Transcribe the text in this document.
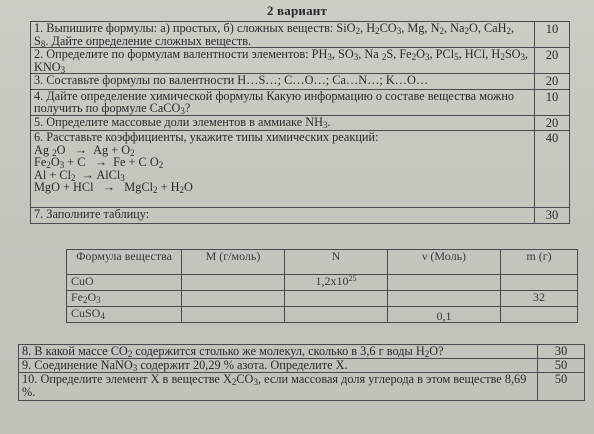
2 вариант
1. Выпишите формулы: а) простых, б) сложных веществ: SiO$_2$, $H_2CO_3$, Mg, $N_2$, $Na_2O$, CaH$_2$, $S_8$. Дайте определение сложных веществ.	10
2. Определите по формулам валентности элементов: $PH_3$, $SO_3$, Na $_2$S, $Fe_2O_3$, PCl$_5$, HCl, $H_2SO_3$, $KNO_3$	20
3. Составьте формулы по валентности H…S…; C…O…; Ca…N…; K…O…	20
4. Дайте определение химической формулы Какую информацию о составе вещества можно получить по формуле CaCO$_3$?	10
5. Определите массовые доли элементов в аммиаке $NH_3$.	20

6. Расставьте коэффициенты, укажите типы химических реакций:
Ag $_2O \to Ag + O_2$
$Fe_2O_3 + C \to Fe + C$ $O_2$
$Al + Cl_2$  → AlCl$_3$
MgO + HCl   →   MgCl$_2$ + $H_2O$	40
7. Заполните таблицу:	30
Формула вещества	М (г/моль)	N	ν (Моль)	m (г)
CuO		$1,2x10^{25}$		
$Fe_2O_3$				32
CuSO$_4$			0,1	
8. В какой массе $CO_2$ содержится столько же молекул, сколько в 3,6 г воды $H_2O$?	30
9. Соединение NaNO$_3$ содержит 20,29 % азота. Определите X.	50
10. Определите элемент X в веществе $X_2CO_3$, если массовая доля углерода в этом веществе 8,69 %.	50
